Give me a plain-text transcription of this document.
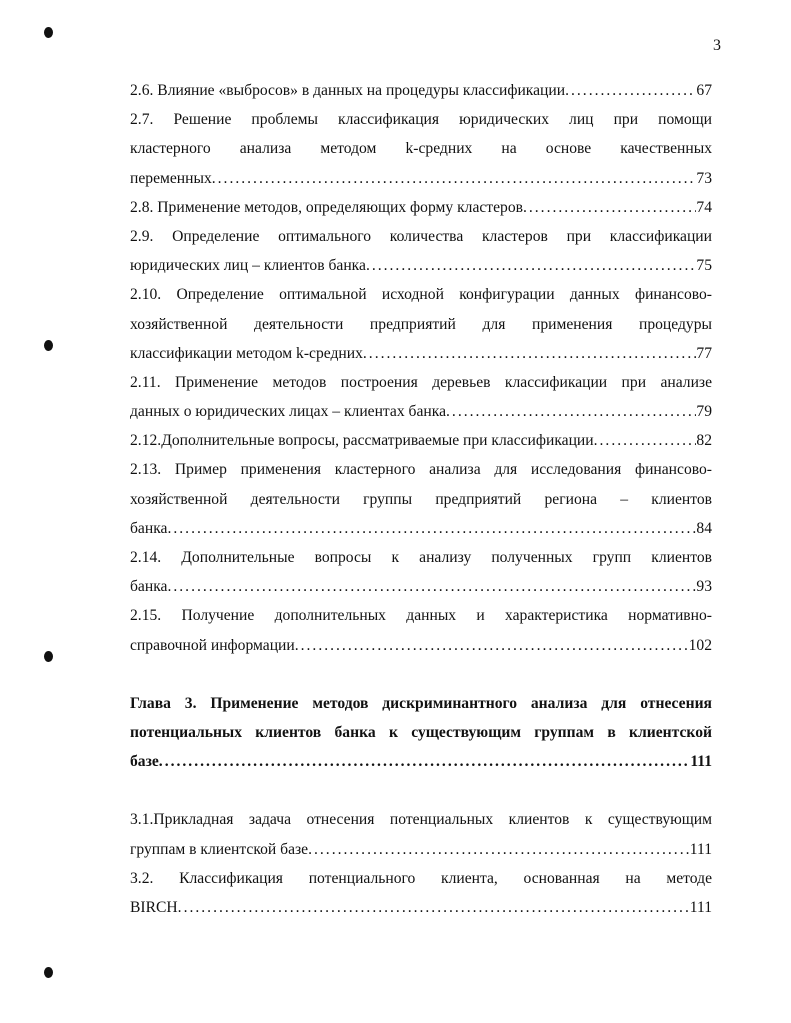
3
2.6. Влияние «выбросов» в данных на процедуры классификации .....	67
2.7. Решение проблемы классификация юридических лиц при помощи
кластерного анализа методом k-средних на основе качественных
переменных .....	73
2.8. Применение методов, определяющих форму кластеров .....	74
2.9. Определение оптимального количества кластеров при классификации
юридических лиц – клиентов банка .....	75
2.10. Определение оптимальной исходной конфигурации данных финансово-
хозяйственной деятельности предприятий для применения процедуры
классификации методом k-средних .....	77
2.11. Применение методов построения деревьев классификации при анализе
данных о юридических лицах – клиентах банка .....	79
2.12.Дополнительные вопросы, рассматриваемые при классификации .....	82
2.13. Пример применения кластерного анализа для исследования финансово-
хозяйственной деятельности группы предприятий региона – клиентов
банка .....	84
2.14. Дополнительные вопросы к анализу полученных групп клиентов
банка .....	93
2.15. Получение дополнительных данных и характеристика нормативно-
справочной информации .....	102
Глава 3. Применение методов дискриминантного анализа для отнесения
потенциальных клиентов банка к существующим группам в клиентской
базе .....	111
3.1.Прикладная задача отнесения потенциальных клиентов к существующим
группам в клиентской базе .....	111
3.2. Классификация потенциального клиента, основанная на методе
BIRCH .....	111
